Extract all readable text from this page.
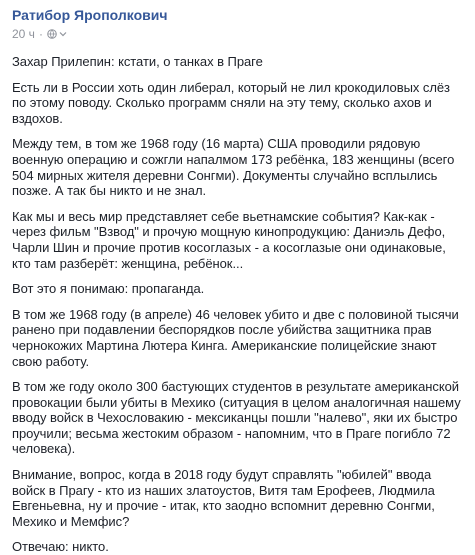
Ратибор Ярополкович
20 ч ·

Захар Прилепин: кстати, о танках в Праге

Есть ли в России хоть один либерал, который не лил крокодиловых слёз по этому поводу. Сколько программ сняли на эту тему, сколько ахов и вздохов.

Между тем, в том же 1968 году (16 марта) США проводили рядовую военную операцию и сожгли напалмом 173 ребёнка, 183 женщины (всего 504 мирных жителя деревни Сонгми). Документы случайно всплылись позже. А так бы никто и не знал.

Как мы и весь мир представляет себе вьетнамские события? Как-как - через фильм "Взвод" и прочую мощную кинопродукцию: Даниэль Дефо, Чарли Шин и прочие против косоглазых - а косоглазые они одинаковые, кто там разберёт: женщина, ребёнок...

Вот это я понимаю: пропаганда.

В том же 1968 году (в апреле) 46 человек убито и две с половиной тысячи ранено при подавлении беспорядков после убийства защитника прав чернокожих Мартина Лютера Кинга. Американские полицейские знают свою работу.

В том же году около 300 бастующих студентов в результате американской провокации были убиты в Мехико (ситуация в целом аналогичная нашему вводу войск в Чехословакию - мексиканцы пошли "налево", яки их быстро проучили; весьма жестоким образом - напомним, что в Праге погибло 72 человека).

Внимание, вопрос, когда в 2018 году будут справлять "юбилей" ввода войск в Прагу - кто из наших златоустов, Витя там Ерофеев, Людмила Евгеньевна, ну и прочие - итак, кто заодно вспомнит деревню Сонгми, Мехико и Мемфис?

Отвечаю: никто.
